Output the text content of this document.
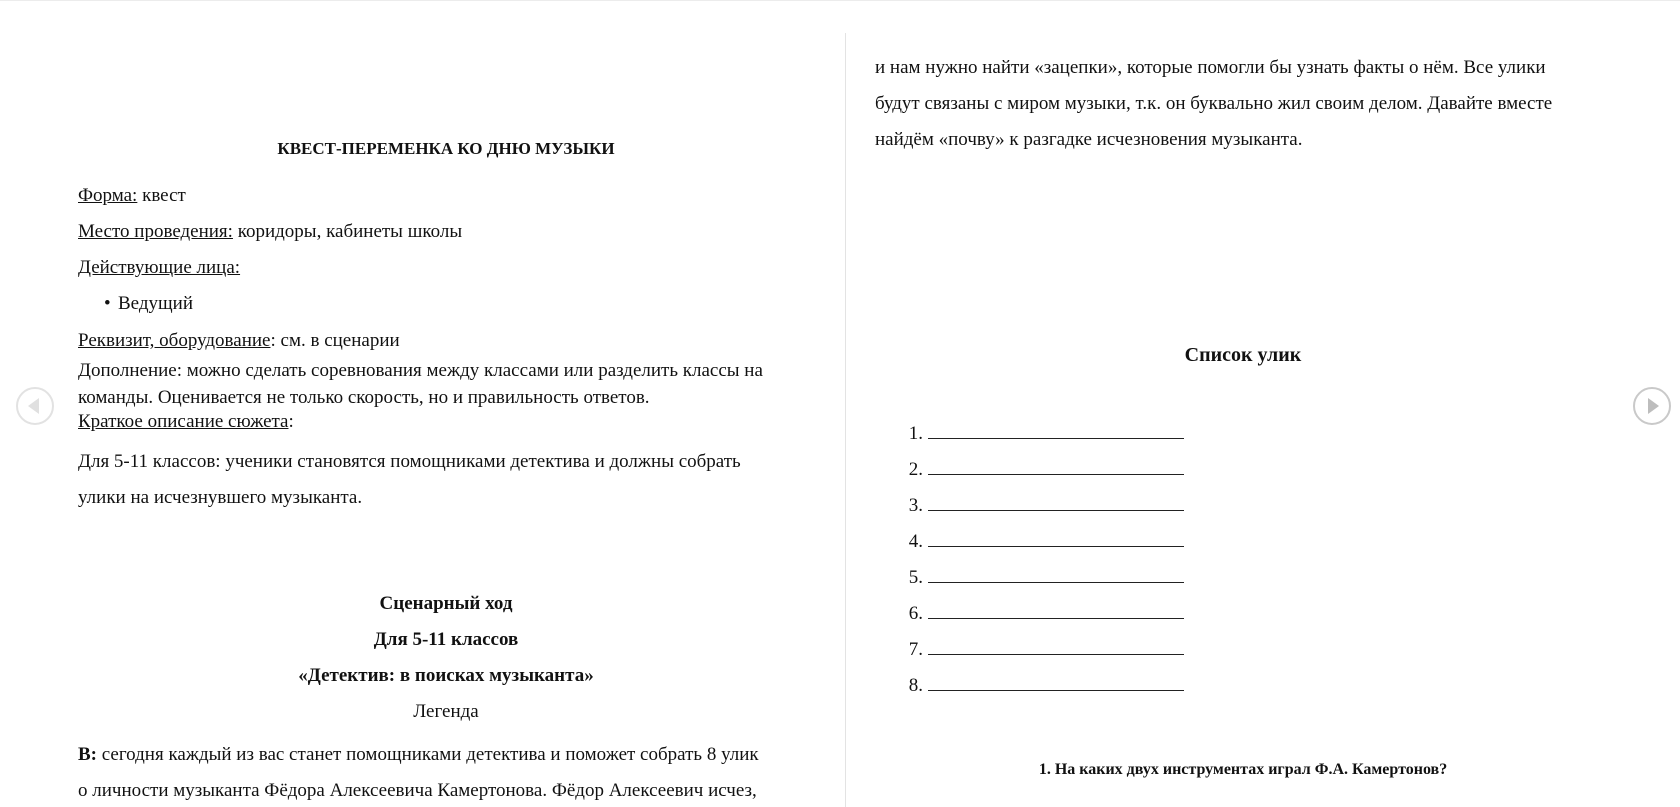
КВЕСТ-ПЕРЕМЕНКА КО ДНЮ МУЗЫКИ

Форма: квест

Место проведения: коридоры, кабинеты школы

Действующие лица:

• Ведущий

Реквизит, оборудование: см. в сценарии

Дополнение: можно сделать соревнования между классами или разделить классы на
команды. Оценивается не только скорость, но и правильность ответов.

Краткое описание сюжета:

Для 5-11 классов: ученики становятся помощниками детектива и должны собрать
улики на исчезнувшего музыканта.

Сценарный ход

Для 5-11 классов

«Детектив: в поисках музыканта»

Легенда

В: сегодня каждый из вас станет помощниками детектива и поможет собрать 8 улик
о личности музыканта Фёдора Алексеевича Камертонова. Фёдор Алексеевич исчез,

и нам нужно найти «зацепки», которые помогли бы узнать факты о нём. Все улики
будут связаны с миром музыки, т.к. он буквально жил своим делом. Давайте вместе
найдём «почву» к разгадке исчезновения музыканта.

Список улик

1.
2.
3.
4.
5.
6.
7.
8.

1. На каких двух инструментах играл Ф.А. Камертонов?
